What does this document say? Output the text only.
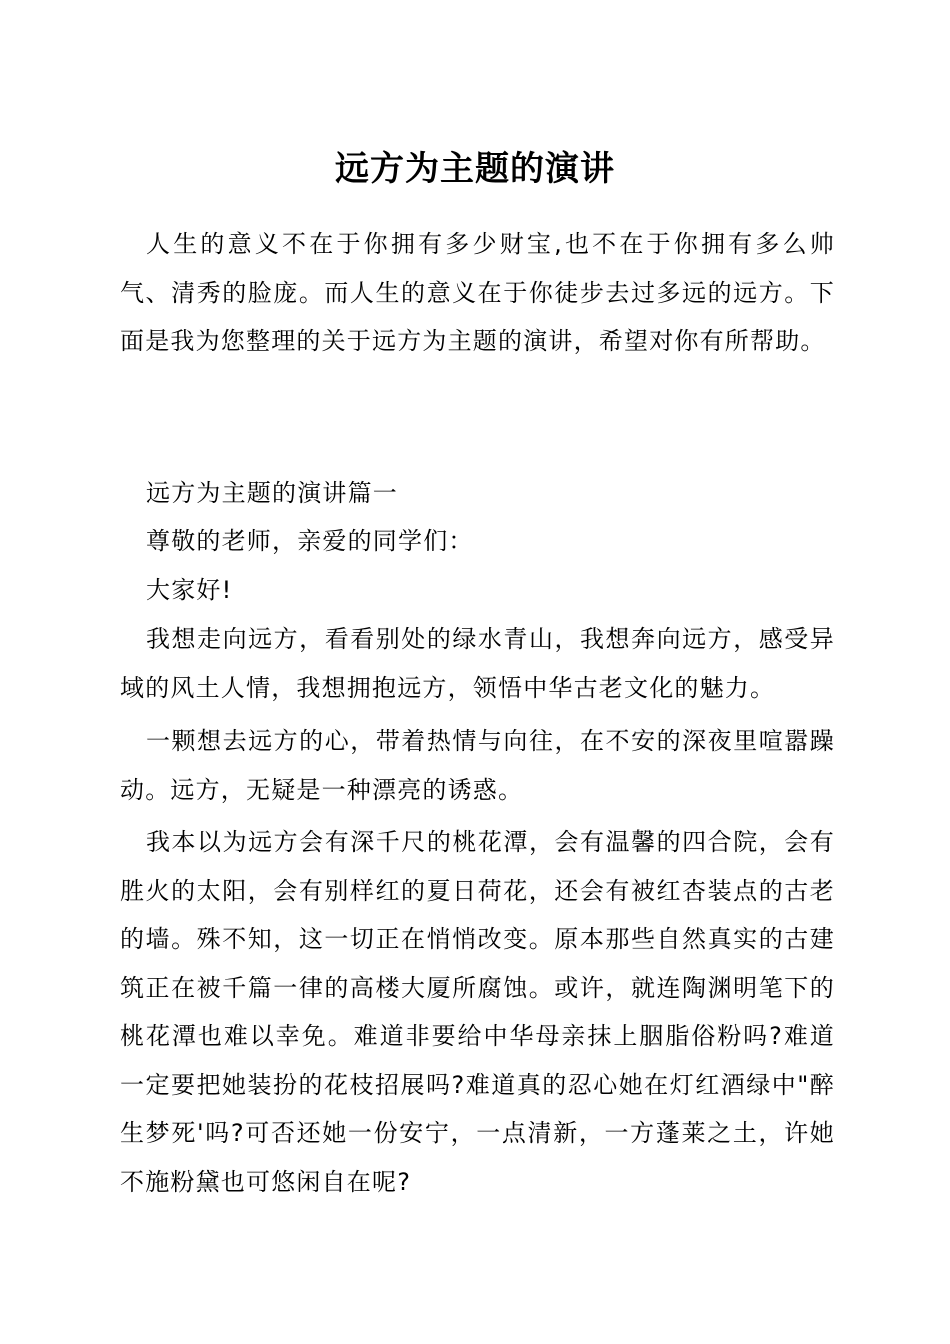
远方为主题的演讲

人生的意义不在于你拥有多少财宝,也不在于你拥有多么帅气、清秀的脸庞。而人生的意义在于你徒步去过多远的远方。下面是我为您整理的关于远方为主题的演讲，希望对你有所帮助。

远方为主题的演讲篇一

尊敬的老师，亲爱的同学们：

大家好!

我想走向远方，看看别处的绿水青山，我想奔向远方，感受异域的风土人情，我想拥抱远方，领悟中华古老文化的魅力。

一颗想去远方的心，带着热情与向往，在不安的深夜里喧嚣躁动。远方，无疑是一种漂亮的诱惑。

我本以为远方会有深千尺的桃花潭，会有温馨的四合院，会有胜火的太阳，会有别样红的夏日荷花，还会有被红杏装点的古老的墙。殊不知，这一切正在悄悄改变。原本那些自然真实的古建筑正在被千篇一律的高楼大厦所腐蚀。或许，就连陶渊明笔下的桃花潭也难以幸免。难道非要给中华母亲抹上胭脂俗粉吗?难道一定要把她装扮的花枝招展吗?难道真的忍心她在灯红酒绿中"醉生梦死'吗?可否还她一份安宁，一点清新，一方蓬莱之土，许她不施粉黛也可悠闲自在呢?
